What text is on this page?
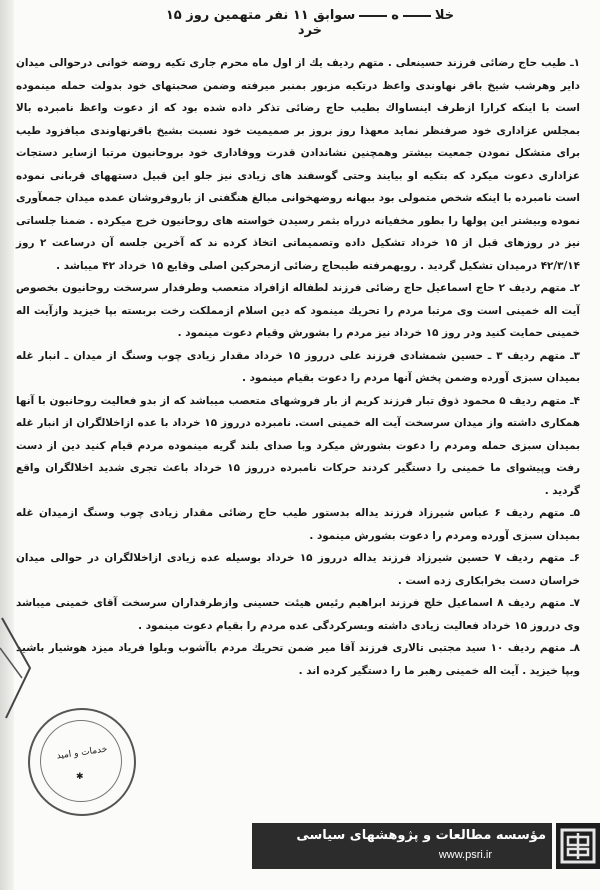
خلاهسوابق ۱۱ نفر متهمین روز ۱۵ خرد

۱ـ طیب حاج رضائی فرزند حسینعلی . متهم ردیف یك از اول ماه محرم جاری تکیه روضه خوانی درحوالی میدان دایر وهرشب شیخ باقر نهاوندی واعظ درتکیه مزبور بمنبر میرفته وضمن صحبتهای خود بدولت حمله مینموده است با اینکه کرارا ازطرف اینساواك بطیب حاج رضائی تذکر داده شده بود که از دعوت واعظ نامبرده بالا بمجلس عزاداری خود صرفنظر نماید معهذا روز بروز بر صمیمیت خود نسبت بشیخ باقرنهاوندی میافزود طیب برای متشکل نمودن جمعیت بیشتر وهمچنین نشاندادن قدرت ووفاداری خود بروحانیون مرتبا ازسایر دستجات عزاداری دعوت میکرد که بتکیه او بیایند وحتی گوسفند های زیادی نیز جلو این قبیل دستههای قربانی نموده است نامبرده با اینکه شخص متمولی بود ببهانه روضهخوانی مبالغ هنگفتی از باروفروشان عمده میدان جمعآوری نموده وبیشتر این پولها را بطور مخفیانه درراه بثمر رسیدن خواسته های روحانیون خرج میکرده . ضمنا جلساتی نیز در روزهای قبل از ۱۵ خرداد تشکیل داده وتصمیماتی اتخاذ کرده ند که آخرین جلسه آن درساعت ۲ روز ۴۲/۳/۱۴ درمیدان تشکیل گردید . رویهمرفته طیبحاج رضائی ازمحرکین اصلی وقایع ۱۵ خرداد ۴۲ میباشد .

۲ـ متهم ردیف ۲ حاج اسماعیل حاج رضائی فرزند لطفاله ازافراد متعصب وطرفدار سرسخت روحانیون بخصوص آیت اله خمینی است وی مرتبا مردم را تحریك مینمود که دین اسلام ازمملکت رخت بربسته بپا خیزید وازآیت اله خمینی حمایت کنید ودر روز ۱۵ خرداد نیز مردم را بشورش وقیام دعوت مینمود .

۳ـ متهم ردیف ۳ ـ حسین شمشادی فرزند علی درروز ۱۵ خرداد مقدار زیادی چوب وسنگ از میدان ـ انبار غله بمیدان سبزی آورده وضمن پخش آنها مردم را دعوت بقیام مینمود .

۴ـ متهم ردیف ۵ محمود ذوق تبار فرزند کریم از بار فروشهای متعصب میباشد که از بدو فعالیت روحانیون با آنها همکاری داشته واز میدان سرسخت آیت اله خمینی است. نامبرده درروز ۱۵ خرداد با عده ازاخلالگران از انبار غله بمیدان سبزی حمله ومردم را دعوت بشورش میکرد وبا صدای بلند گریه مینموده مردم قیام کنید دین از دست رفت وپیشوای ما خمینی را دستگیر کردند حرکات نامبرده درروز ۱۵ خرداد باعث تجری شدید اخلالگران واقع گردید .

۵ـ متهم ردیف ۶ عباس شیرزاد فرزند یداله بدستور طیب حاج رضائی مقدار زیادی چوب وسنگ ازمیدان غله بمیدان سبزی آورده ومردم را دعوت بشورش مینمود .

۶ـ متهم ردیف ۷ حسین شیرزاد فرزند یداله درروز ۱۵ خرداد بوسیله عده زیادی ازاخلالگران در حوالی میدان خراسان دست بخرابکاری زده است .

۷ـ متهم ردیف ۸ اسماعیل خلج فرزند ابراهیم رئیس هیئت حسینی وازطرفداران سرسخت آقای خمینی میباشد وی درروز ۱۵ خرداد فعالیت زیادی داشته وبسرکردگی عده مردم را بقیام دعوت مینمود .

۸ـ متهم ردیف ۱۰ سید مجتبی تالاری فرزند آقا میر ضمن تحریك مردم باآشوب وبلوا فریاد میزد هوشیار باشید وبپا خیزید . آیت اله خمینی رهبر ما را دستگیر کرده اند .

خدمات و امید
✱
مؤسسه مطالعات و پژوهشهای سیاسی
www.psri.ir
